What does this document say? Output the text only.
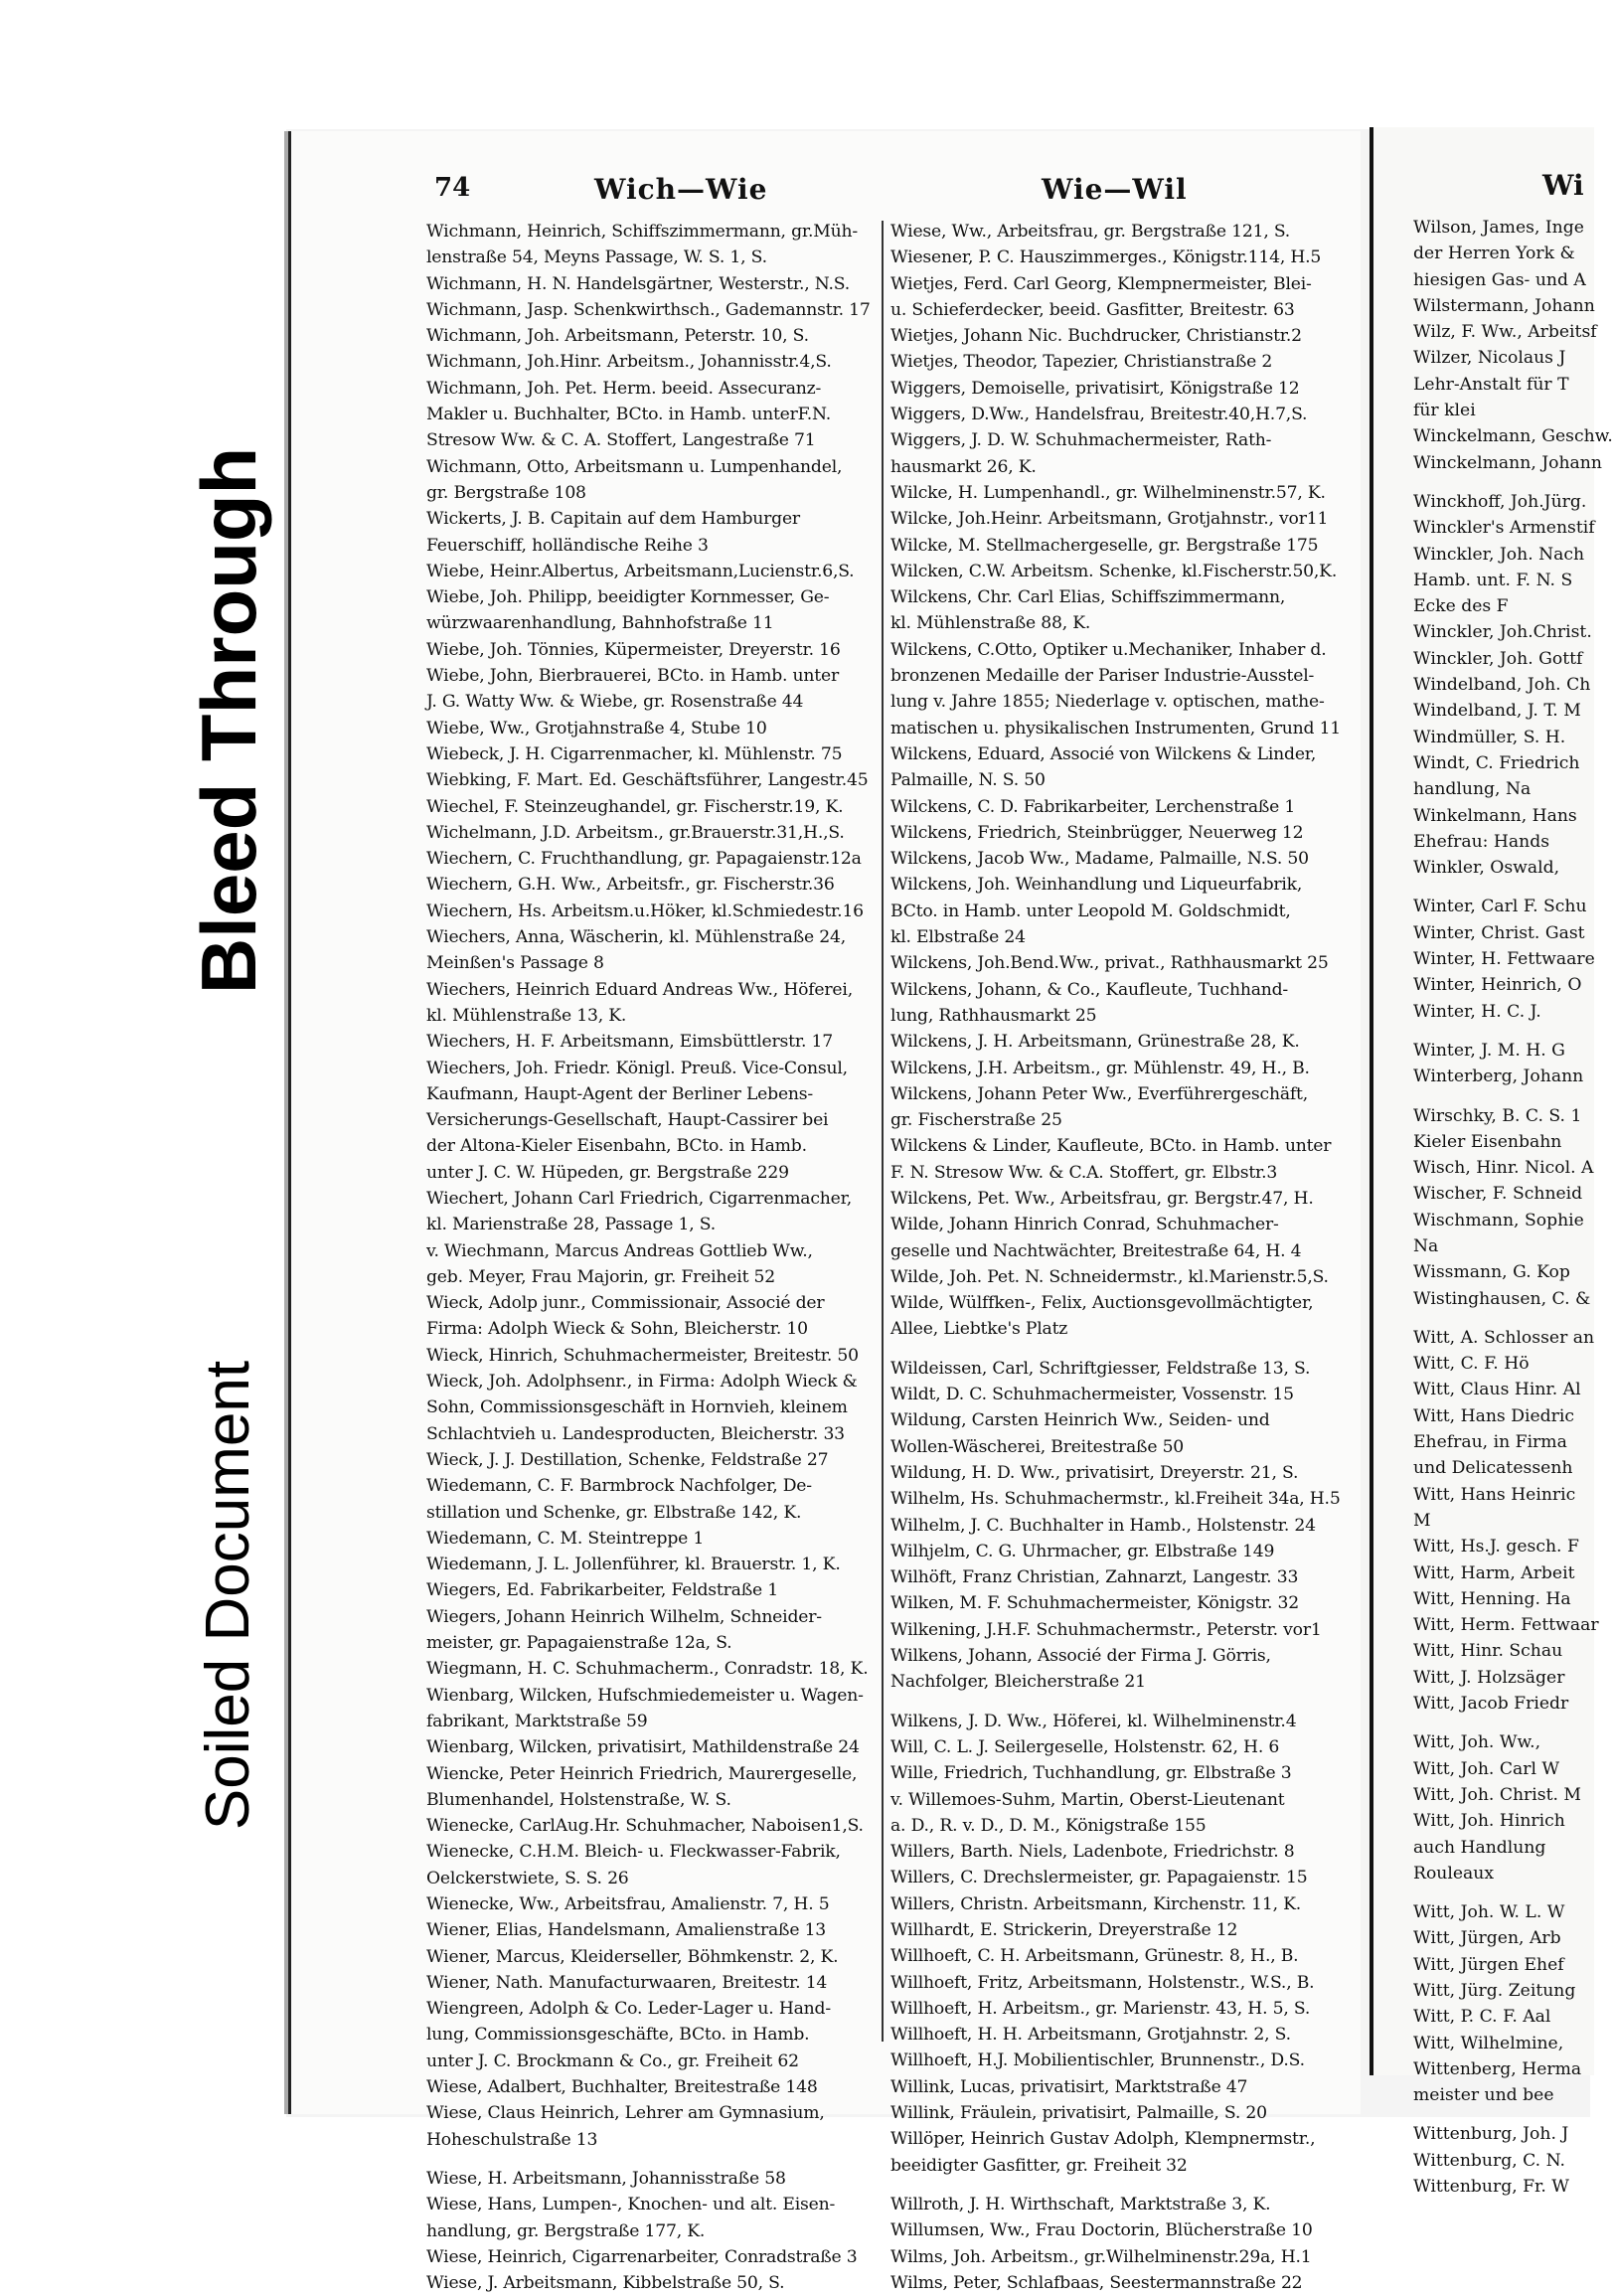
74	Wich—Wie	Wie—Wil
Wichmann, Heinrich, Schiffszimmermann, gr.Müh-
lenstraße 54, Meyns Passage, W. S. 1, S.
Wichmann, H. N. Handelsgärtner, Westerstr., N.S.
Wichmann, Jasp. Schenkwirthsch., Gademannstr. 17
Wichmann, Joh. Arbeitsmann, Peterstr. 10, S.
Wichmann, Joh.Hinr. Arbeitsm., Johannisstr.4,S.
Wichmann, Joh. Pet. Herm. beeid. Assecuranz-
Makler u. Buchhalter, BCto. in Hamb. unterF.N.
Stresow Ww. & C. A. Stoffert, Langestraße 71
Wichmann, Otto, Arbeitsmann u. Lumpenhandel,
gr. Bergstraße 108
Wickerts, J. B. Capitain auf dem Hamburger
Feuerschiff, holländische Reihe 3
Wiebe, Heinr.Albertus, Arbeitsmann,Lucienstr.6,S.
Wiebe, Joh. Philipp, beeidigter Kornmesser, Ge-
würzwaarenhandlung, Bahnhofstraße 11
Wiebe, Joh. Tönnies, Küpermeister, Dreyerstr. 16
Wiebe, John, Bierbrauerei, BCto. in Hamb. unter
J. G. Watty Ww. & Wiebe, gr. Rosenstraße 44
Wiebe, Ww., Grotjahnstraße 4, Stube 10
Wiebeck, J. H. Cigarrenmacher, kl. Mühlenstr. 75
Wiebking, F. Mart. Ed. Geschäftsführer, Langestr.45
Wiechel, F. Steinzeughandel, gr. Fischerstr.19, K.
Wichelmann, J.D. Arbeitsm., gr.Brauerstr.31,H.,S.
Wiechern, C. Fruchthandlung, gr. Papagaienstr.12a
Wiechern, G.H. Ww., Arbeitsfr., gr. Fischerstr.36
Wiechern, Hs. Arbeitsm.u.Höker, kl.Schmiedestr.16
Wiechers, Anna, Wäscherin, kl. Mühlenstraße 24,
Meinßen's Passage 8
Wiechers, Heinrich Eduard Andreas Ww., Höferei,
kl. Mühlenstraße 13, K.
Wiechers, H. F. Arbeitsmann, Eimsbüttlerstr. 17
Wiechers, Joh. Friedr. Königl. Preuß. Vice-Consul,
Kaufmann, Haupt-Agent der Berliner Lebens-
Versicherungs-Gesellschaft, Haupt-Cassirer bei
der Altona-Kieler Eisenbahn, BCto. in Hamb.
unter J. C. W. Hüpeden, gr. Bergstraße 229
Wiechert, Johann Carl Friedrich, Cigarrenmacher,
kl. Marienstraße 28, Passage 1, S.
v. Wiechmann, Marcus Andreas Gottlieb Ww.,
geb. Meyer, Frau Majorin, gr. Freiheit 52
Wieck, Adolp junr., Commissionair, Associé der
Firma: Adolph Wieck & Sohn, Bleicherstr. 10
Wieck, Hinrich, Schuhmachermeister, Breitestr. 50
Wieck, Joh. Adolphsenr., in Firma: Adolph Wieck &
Sohn, Commissionsgeschäft in Hornvieh, kleinem
Schlachtvieh u. Landesproducten, Bleicherstr. 33
Wieck, J. J. Destillation, Schenke, Feldstraße 27
Wiedemann, C. F. Barmbrock Nachfolger, De-
stillation und Schenke, gr. Elbstraße 142, K.
Wiedemann, C. M. Steintreppe 1
Wiedemann, J. L. Jollenführer, kl. Brauerstr. 1, K.
Wiegers, Ed. Fabrikarbeiter, Feldstraße 1
Wiegers, Johann Heinrich Wilhelm, Schneider-
meister, gr. Papagaienstraße 12a, S.
Wiegmann, H. C. Schuhmacherm., Conradstr. 18, K.
Wienbarg, Wilcken, Hufschmiedemeister u. Wagen-
fabrikant, Marktstraße 59
Wienbarg, Wilcken, privatisirt, Mathildenstraße 24
Wiencke, Peter Heinrich Friedrich, Maurergeselle,
Blumenhandel, Holstenstraße, W. S.
Wienecke, CarlAug.Hr. Schuhmacher, Naboisen1,S.
Wienecke, C.H.M. Bleich- u. Fleckwasser-Fabrik,
Oelckerstwiete, S. S. 26
Wienecke, Ww., Arbeitsfrau, Amalienstr. 7, H. 5
Wiener, Elias, Handelsmann, Amalienstraße 13
Wiener, Marcus, Kleiderseller, Böhmkenstr. 2, K.
Wiener, Nath. Manufacturwaaren, Breitestr. 14
Wiengreen, Adolph & Co. Leder-Lager u. Hand-
lung, Commissionsgeschäfte, BCto. in Hamb.
unter J. C. Brockmann & Co., gr. Freiheit 62
Wiese, Adalbert, Buchhalter, Breitestraße 148
Wiese, Claus Heinrich, Lehrer am Gymnasium,
Hoheschulstraße 13
Wiese, H. Arbeitsmann, Johannisstraße 58
Wiese, Hans, Lumpen-, Knochen- und alt. Eisen-
handlung, gr. Bergstraße 177, K.
Wiese, Heinrich, Cigarrenarbeiter, Conradstraße 3
Wiese, J. Arbeitsmann, Kibbelstraße 50, S.
Wiese, Ww., Arbeitsfrau, gr. Bergstraße 121, S.
Wiesener, P. C. Hauszimmerges., Königstr.114, H.5
Wietjes, Ferd. Carl Georg, Klempnermeister, Blei-
u. Schieferdecker, beeid. Gasfitter, Breitestr. 63
Wietjes, Johann Nic. Buchdrucker, Christianstr.2
Wietjes, Theodor, Tapezier, Christianstraße 2
Wiggers, Demoiselle, privatisirt, Königstraße 12
Wiggers, D.Ww., Handelsfrau, Breitestr.40,H.7,S.
Wiggers, J. D. W. Schuhmachermeister, Rath-
hausmarkt 26, K.
Wilcke, H. Lumpenhandl., gr. Wilhelminenstr.57, K.
Wilcke, Joh.Heinr. Arbeitsmann, Grotjahnstr., vor11
Wilcke, M. Stellmachergeselle, gr. Bergstraße 175
Wilcken, C.W. Arbeitsm. Schenke, kl.Fischerstr.50,K.
Wilckens, Chr. Carl Elias, Schiffszimmermann,
kl. Mühlenstraße 88, K.
Wilckens, C.Otto, Optiker u.Mechaniker, Inhaber d.
bronzenen Medaille der Pariser Industrie-Ausstel-
lung v. Jahre 1855; Niederlage v. optischen, mathe-
matischen u. physikalischen Instrumenten, Grund 11
Wilckens, Eduard, Associé von Wilckens & Linder,
Palmaille, N. S. 50
Wilckens, C. D. Fabrikarbeiter, Lerchenstraße 1
Wilckens, Friedrich, Steinbrügger, Neuerweg 12
Wilckens, Jacob Ww., Madame, Palmaille, N.S. 50
Wilckens, Joh. Weinhandlung und Liqueurfabrik,
BCto. in Hamb. unter Leopold M. Goldschmidt,
kl. Elbstraße 24
Wilckens, Joh.Bend.Ww., privat., Rathhausmarkt 25
Wilckens, Johann, & Co., Kaufleute, Tuchhand-
lung, Rathhausmarkt 25
Wilckens, J. H. Arbeitsmann, Grünestraße 28, K.
Wilckens, J.H. Arbeitsm., gr. Mühlenstr. 49, H., B.
Wilckens, Johann Peter Ww., Everführergeschäft,
gr. Fischerstraße 25
Wilckens & Linder, Kaufleute, BCto. in Hamb. unter
F. N. Stresow Ww. & C.A. Stoffert, gr. Elbstr.3
Wilckens, Pet. Ww., Arbeitsfrau, gr. Bergstr.47, H.
Wilde, Johann Hinrich Conrad, Schuhmacher-
geselle und Nachtwächter, Breitestraße 64, H. 4
Wilde, Joh. Pet. N. Schneidermstr., kl.Marienstr.5,S.
Wilde, Wülffken-, Felix, Auctionsgevollmächtigter,
Allee, Liebtke's Platz
Wildeissen, Carl, Schriftgiesser, Feldstraße 13, S.
Wildt, D. C. Schuhmachermeister, Vossenstr. 15
Wildung, Carsten Heinrich Ww., Seiden- und
Wollen-Wäscherei, Breitestraße 50
Wildung, H. D. Ww., privatisirt, Dreyerstr. 21, S.
Wilhelm, Hs. Schuhmachermstr., kl.Freiheit 34a, H.5
Wilhelm, J. C. Buchhalter in Hamb., Holstenstr. 24
Wilhjelm, C. G. Uhrmacher, gr. Elbstraße 149
Wilhöft, Franz Christian, Zahnarzt, Langestr. 33
Wilken, M. F. Schuhmachermeister, Königstr. 32
Wilkening, J.H.F. Schuhmachermstr., Peterstr. vor1
Wilkens, Johann, Associé der Firma J. Görris,
Nachfolger, Bleicherstraße 21
Wilkens, J. D. Ww., Höferei, kl. Wilhelminenstr.4
Will, C. L. J. Seilergeselle, Holstenstr. 62, H. 6
Wille, Friedrich, Tuchhandlung, gr. Elbstraße 3
v. Willemoes-Suhm, Martin, Oberst-Lieutenant
a. D., R. v. D., D. M., Königstraße 155
Willers, Barth. Niels, Ladenbote, Friedrichstr. 8
Willers, C. Drechslermeister, gr. Papagaienstr. 15
Willers, Christn. Arbeitsmann, Kirchenstr. 11, K.
Willhardt, E. Strickerin, Dreyerstraße 12
Willhoeft, C. H. Arbeitsmann, Grünestr. 8, H., B.
Willhoeft, Fritz, Arbeitsmann, Holstenstr., W.S., B.
Willhoeft, H. Arbeitsm., gr. Marienstr. 43, H. 5, S.
Willhoeft, H. H. Arbeitsmann, Grotjahnstr. 2, S.
Willhoeft, H.J. Mobilientischler, Brunnenstr., D.S.
Willink, Lucas, privatisirt, Marktstraße 47
Willink, Fräulein, privatisirt, Palmaille, S. 20
Willöper, Heinrich Gustav Adolph, Klempnermstr.,
beeidigter Gasfitter, gr. Freiheit 32
Willroth, J. H. Wirthschaft, Marktstraße 3, K.
Willumsen, Ww., Frau Doctorin, Blücherstraße 10
Wilms, Joh. Arbeitsm., gr.Wilhelminenstr.29a, H.1
Wilms, Peter, Schlafbaas, Seestermannstraße 22
Wi
Wilson, James, Inge
der Herren York &
hiesigen Gas- und A
Wilstermann, Johann
Wilz, F. Ww., Arbeitsf
Wilzer, Nicolaus J
Lehr-Anstalt für T
für klei
Winckelmann, Geschw.
Winckelmann, Johann
Winckhoff, Joh.Jürg.
Winckler's Armenstif
Winckler, Joh. Nach
Hamb. unt. F. N. S
Ecke des F
Winckler, Joh.Christ.
Winckler, Joh. Gottf
Windelband, Joh. Ch
Windelband, J. T. M
Windmüller, S. H.
Windt, C. Friedrich
handlung, Na
Winkelmann, Hans
Ehefrau: Hands
Winkler, Oswald,
Winter, Carl F. Schu
Winter, Christ. Gast
Winter, H. Fettwaare
Winter, Heinrich, O
Winter, H. C. J.
Winter, J. M. H. G
Winterberg, Johann
Wirschky, B. C. S. 1
Kieler Eisenbahn
Wisch, Hinr. Nicol. A
Wischer, F. Schneid
Wischmann, Sophie
Na
Wissmann, G. Kop
Wistinghausen, C. &
Witt, A. Schlosser an
Witt, C. F. Hö
Witt, Claus Hinr. Al
Witt, Hans Diedric
Ehefrau, in Firma
und Delicatessenh
Witt, Hans Heinric
M
Witt, Hs.J. gesch. F
Witt, Harm, Arbeit
Witt, Henning. Ha
Witt, Herm. Fettwaar
Witt, Hinr. Schau
Witt, J. Holzsäger
Witt, Jacob Friedr
Witt, Joh. Ww.,
Witt, Joh. Carl W
Witt, Joh. Christ. M
Witt, Joh. Hinrich
auch Handlung
Rouleaux
Witt, Joh. W. L. W
Witt, Jürgen, Arb
Witt, Jürgen Ehef
Witt, Jürg. Zeitung
Witt, P. C. F. Aal
Witt, Wilhelmine,
Wittenberg, Herma
meister und bee
Wittenburg, Joh. J
Wittenburg, C. N.
Wittenburg, Fr. W
Bleed Through
Soiled Document
